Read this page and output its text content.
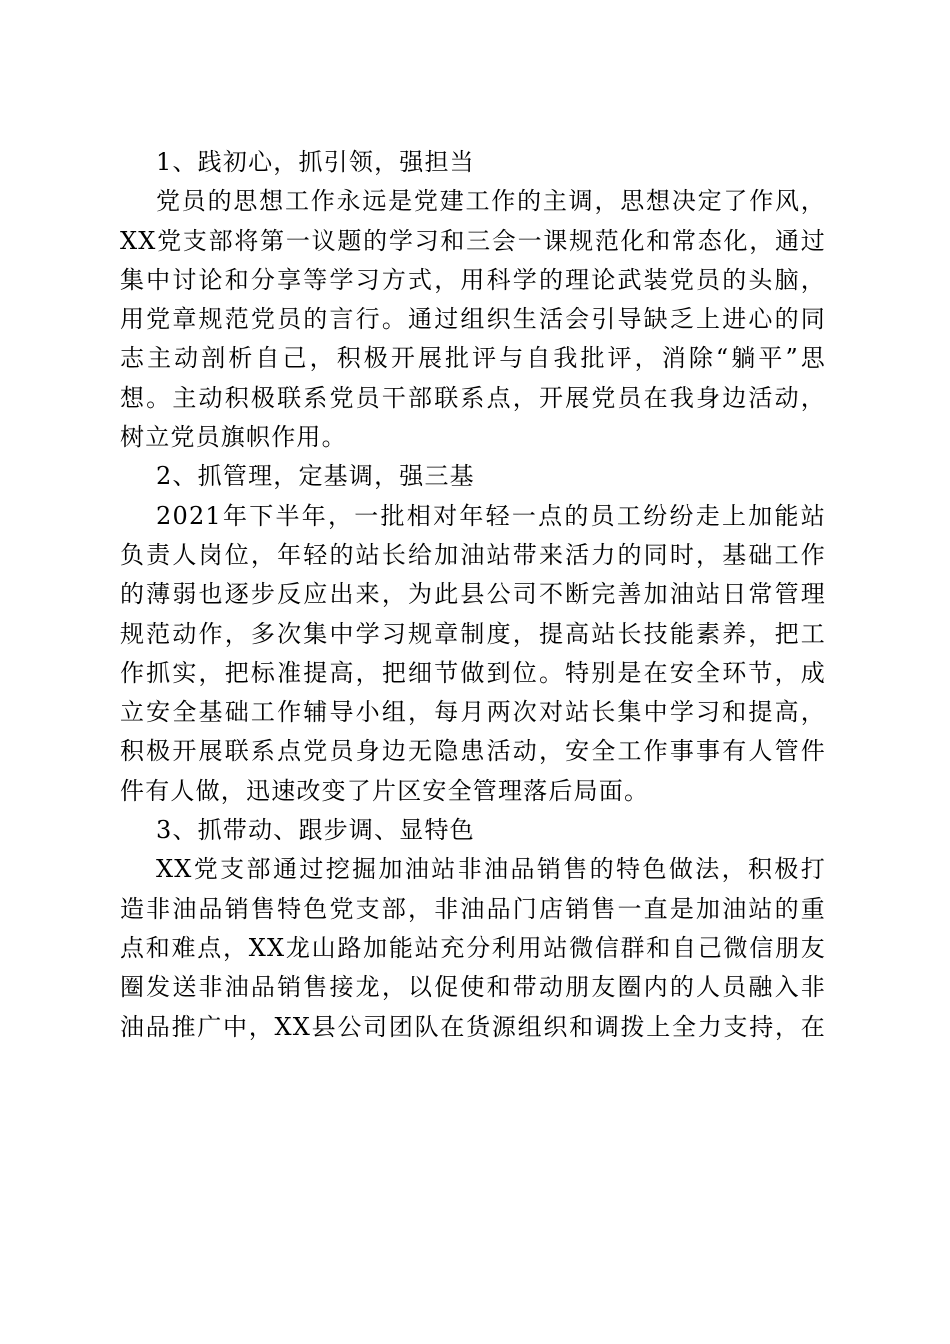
1、践初心，抓引领，强担当

党员的思想工作永远是党建工作的主调，思想决定了作风，
XX党支部将第一议题的学习和三会一课规范化和常态化，通过
集中讨论和分享等学习方式，用科学的理论武装党员的头脑，
用党章规范党员的言行。通过组织生活会引导缺乏上进心的同
志主动剖析自己，积极开展批评与自我批评，消除“躺平”思
想。主动积极联系党员干部联系点，开展党员在我身边活动，
树立党员旗帜作用。

2、抓管理，定基调，强三基

2021年下半年，一批相对年轻一点的员工纷纷走上加能站
负责人岗位，年轻的站长给加油站带来活力的同时，基础工作
的薄弱也逐步反应出来，为此县公司不断完善加油站日常管理
规范动作，多次集中学习规章制度，提高站长技能素养，把工
作抓实，把标准提高，把细节做到位。特别是在安全环节，成
立安全基础工作辅导小组，每月两次对站长集中学习和提高，
积极开展联系点党员身边无隐患活动，安全工作事事有人管件
件有人做，迅速改变了片区安全管理落后局面。

3、抓带动、跟步调、显特色

XX党支部通过挖掘加油站非油品销售的特色做法，积极打
造非油品销售特色党支部，非油品门店销售一直是加油站的重
点和难点，XX龙山路加能站充分利用站微信群和自己微信朋友
圈发送非油品销售接龙，以促使和带动朋友圈内的人员融入非
油品推广中，XX县公司团队在货源组织和调拨上全力支持，在
